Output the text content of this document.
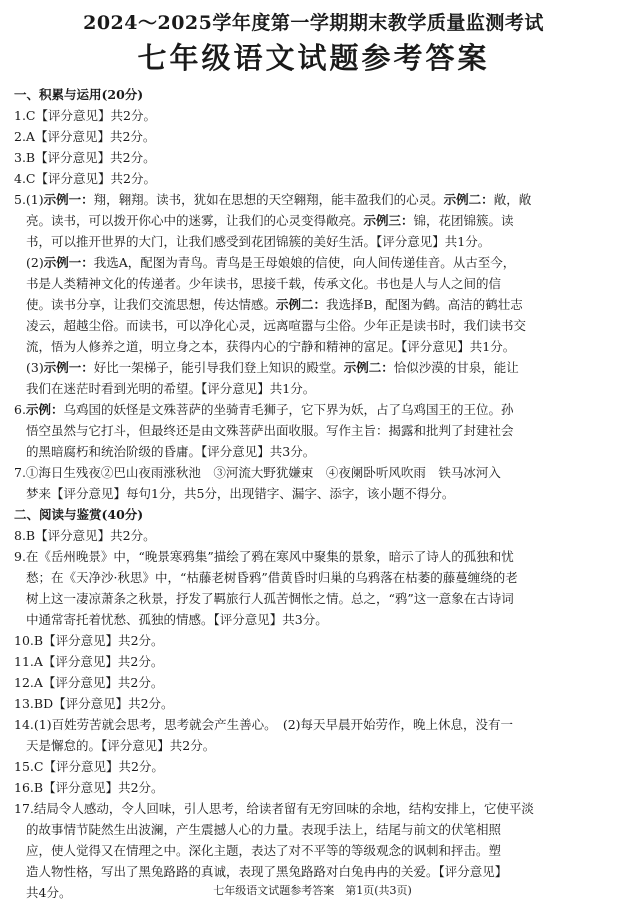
2024～2025学年度第一学期期末教学质量监测考试
七年级语文试题参考答案
一、积累与运用(20分)
1.C【评分意见】共2分。
2.A【评分意见】共2分。
3.B【评分意见】共2分。
4.C【评分意见】共2分。
5.(1)示例一：翔，翱翔。读书，犹如在思想的天空翱翔，能丰盈我们的心灵。示例二：敞，敞
亮。读书，可以拨开你心中的迷雾，让我们的心灵变得敞亮。示例三：锦，花团锦簇。读
书，可以推开世界的大门，让我们感受到花团锦簇的美好生活。【评分意见】共1分。
(2)示例一：我选A，配图为青鸟。青鸟是王母娘娘的信使，向人间传递佳音。从古至今，
书是人类精神文化的传递者。少年读书，思接千载，传承文化。书也是人与人之间的信
使。读书分享，让我们交流思想，传达情感。示例二：我选择B，配图为鹤。高洁的鹤壮志
凌云，超越尘俗。而读书，可以净化心灵，远离喧嚣与尘俗。少年正是读书时，我们读书交
流，悟为人修养之道，明立身之本，获得内心的宁静和精神的富足。【评分意见】共1分。
(3)示例一：好比一架梯子，能引导我们登上知识的殿堂。示例二：恰似沙漠的甘泉，能让
我们在迷茫时看到光明的希望。【评分意见】共1分。
6.示例：乌鸡国的妖怪是文殊菩萨的坐骑青毛狮子，它下界为妖，占了乌鸡国王的王位。孙
悟空虽然与它打斗，但最终还是由文殊菩萨出面收服。写作主旨：揭露和批判了封建社会
的黑暗腐朽和统治阶级的昏庸。【评分意见】共3分。
7.①海日生残夜②巴山夜雨涨秋池　③河流大野犹嫌束　④夜阑卧听风吹雨　铁马冰河入
梦来【评分意见】每句1分，共5分，出现错字、漏字、添字，该小题不得分。
二、阅读与鉴赏(40分)
8.B【评分意见】共2分。
9.在《岳州晚景》中，“晚景寒鸦集”描绘了鸦在寒风中聚集的景象，暗示了诗人的孤独和忧
愁；在《天净沙·秋思》中，“枯藤老树昏鸦”借黄昏时归巢的乌鸦落在枯萎的藤蔓缠绕的老
树上这一凄凉萧条之秋景，抒发了羁旅行人孤苦惆怅之情。总之，“鸦”这一意象在古诗词
中通常寄托着忧愁、孤独的情感。【评分意见】共3分。
10.B【评分意见】共2分。
11.A【评分意见】共2分。
12.A【评分意见】共2分。
13.BD【评分意见】共2分。
14.(1)百姓劳苦就会思考，思考就会产生善心。　(2)每天早晨开始劳作，晚上休息，没有一
天是懈怠的。【评分意见】共2分。
15.C【评分意见】共2分。
16.B【评分意见】共2分。
17.结局令人感动，令人回味，引人思考，给读者留有无穷回味的余地，结构安排上，它使平淡
的故事情节陡然生出波澜，产生震撼人心的力量。表现手法上，结尾与前文的伏笔相照
应，使人觉得又在情理之中。深化主题，表达了对不平等的等级观念的讽刺和抨击。塑
造人物性格，写出了黑兔路路的真诚，表现了黑兔路路对白兔冉冉的关爱。【评分意见】
共4分。	七年级语文试题参考答案　第1页(共3页)
